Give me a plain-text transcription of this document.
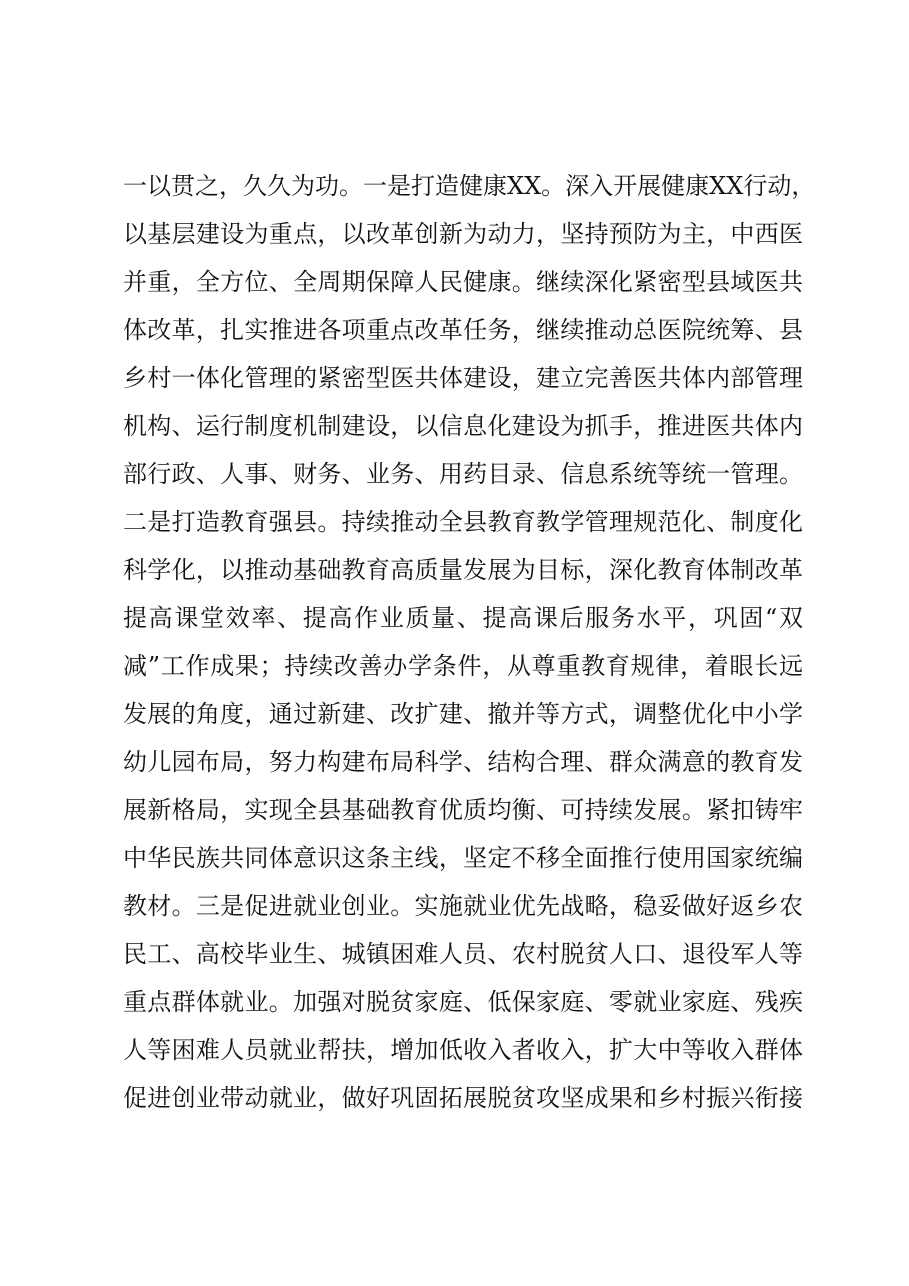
一以贯之，久久为功。一是打造健康XX。深入开展健康XX行动，
以基层建设为重点，以改革创新为动力，坚持预防为主，中西医
并重，全方位、全周期保障人民健康。继续深化紧密型县域医共
体改革，扎实推进各项重点改革任务，继续推动总医院统筹、县
乡村一体化管理的紧密型医共体建设，建立完善医共体内部管理
机构、运行制度机制建设，以信息化建设为抓手，推进医共体内
部行政、人事、财务、业务、用药目录、信息系统等统一管理。
二是打造教育强县。持续推动全县教育教学管理规范化、制度化
科学化，以推动基础教育高质量发展为目标，深化教育体制改革
提高课堂效率、提高作业质量、提高课后服务水平，巩固“双
减”工作成果；持续改善办学条件，从尊重教育规律，着眼长远
发展的角度，通过新建、改扩建、撤并等方式，调整优化中小学
幼儿园布局，努力构建布局科学、结构合理、群众满意的教育发
展新格局，实现全县基础教育优质均衡、可持续发展。紧扣铸牢
中华民族共同体意识这条主线，坚定不移全面推行使用国家统编
教材。三是促进就业创业。实施就业优先战略，稳妥做好返乡农
民工、高校毕业生、城镇困难人员、农村脱贫人口、退役军人等
重点群体就业。加强对脱贫家庭、低保家庭、零就业家庭、残疾
人等困难人员就业帮扶，增加低收入者收入，扩大中等收入群体
促进创业带动就业，做好巩固拓展脱贫攻坚成果和乡村振兴衔接
